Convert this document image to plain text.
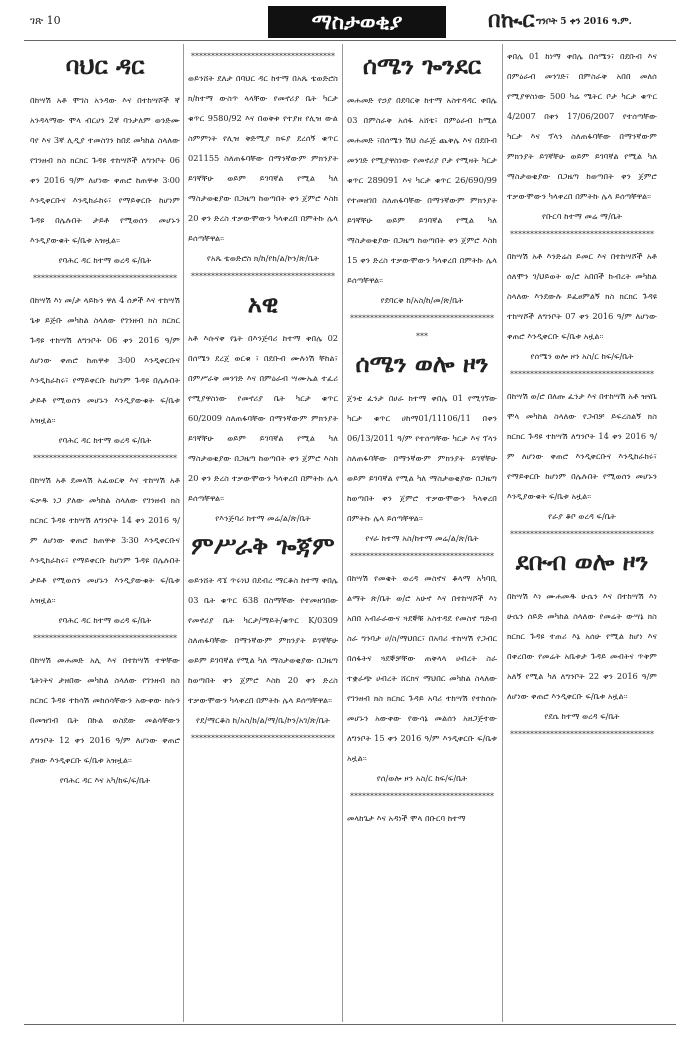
ገጽ 10	ማስታወቂያ	በኲር ግንቦት 5 ቀን 2016 ዓ.ም.
ባህር ዳር
በከሣሽ አቶ ሞገስ አንዳው እና በተከሣሾች ኛ አንዳላማው ሞላ ብርሀን 2ኛ ባንታለም ወንድሙ ባየ እና 3ኛ ሊዲያ ተመስገን ከበደ መካከል ስላለው የገንዘብ ክስ ክርክር ጉዳዩ ተከሣሾች ለግንቦት 06 ቀን 2016 ዓ/ም ለሆነው ቀጠሮ ከጠዋቱ 3፡00 እንዲቀርቡና እንዲከራከሩ፣ የማይቀርቡ ከሆነም ጉዳዩ በሌሉበት ታይቶ የሚወሰን መሆኑን እንዲያውቁት ፍ/ቤቱ አዝዟል፡፡
የባሕር ዳር ከተማ ወረዳ ፍ/ቤት
************************************
በከሣሽ እነ መ/ታ ላይኩን ዋለ 4 ሰዎች እና ተከሣሽ ጌቱ ይጅቡ መካከል ስላለው የገንዘብ ክስ ክርክር ጉዳዩ ተከሣሽ ለግንቦት 06 ቀን 2016 ዓ/ም ለሆነው ቀጠሮ ከጠዋቱ 3፡00 እንዲቀርቡና እንዲከራከሩ፣ የማይቀርቡ ከሆነም ጉዳዩ በሌሉበት ታይቶ የሚወሰን መሆኑን እንዲያውቁት ፍ/ቤቱ አዝዟል፡፡
የባሕር ዳር ከተማ ወረዳ ፍ/ቤት
************************************
በከሣሽ አቶ ደመላሽ አፈወርቅ እና ተከሣሽ አቶ ፍቃዱ ነጋ ያለው መካከል ስላለው የገንዘብ ክስ ክርክር ጉዳዩ ተከሣሽ ለግንቦት 14 ቀን 2016 ዓ/ም ለሆነው ቀጠሮ ከጠዋቱ 3፡30 እንዲቀርቡና እንዲከራከሩ፣ የማይቀርቡ ከሆነም ጉዳዩ በሌሉበት ታይቶ የሚወሰን መሆኑን እንዲያውቁት ፍ/ቤቱ አዝዟል፡፡
የባሕር ዳር ከተማ ወረዳ ፍ/ቤት
************************************
በከሣሽ መሐመድ አሊ እና በተከሣሽ ተዋቸው ጌትነትና ታዘበው መካከል ስላለው የገንዘብ ክስ ክርክር ጉዳዩ ተከሳሽ መከሰሳቸውን አውቀው ክሱን በመዝገብ ቤት በኩል ወስደው መልሳቸውን ለግንቦት 12 ቀን 2016 ዓ/ም ለሆነው ቀጠሮ ያዘው እንዲቀርቡ ፍ/ቤቱ አዝዟል፡፡
የባሕር ዳር እና አካ/ከፍ/ፍ/ቤት
************************************
ወይንሸት ደለታ በባህር ዳር ከተማ በአጼ ቴወድሮስ ክ/ከተማ ውስጥ ላላቸው የመኖሪያ ቤት ካርታ ቁጥር 9580/92 እና በወቅቱ የተያዘ የሊዝ ውል ስምምነት የሊዝ ቅድሚያ ክፍያ ደረሰኝ ቁጥር 021155 ስለጠፋባቸው በማንኛውም ምክንያት ይገኛቸሁ ወይም ይገባኛል የሚል ካለ ማስታወቂያው በጋዜጣ ከወጣበት ቀን ጀምሮ እስከ 20 ቀን ድረስ ተቃውሞውን ካላቀረበ በምትኩ ሌላ ይሰጣቸዋል፡፡
የአጼ ቴወድሮስ ክ/ከ/የከ/ል/ኮን/ጽ/ቤት
************************************
አዊ
አቶ እሱናቀ የኔት በእንጅባሪ ከተማ ቀበሌ 02 በሰሜን ደረጀ ወርቁ ፣ በደቡብ ሙሉነሽ ቸከል፣ በምሥራቅ መንገድ እና በምዕራብ ሣሙኤል ተፈሪ የሚያዋስነው የመኖሪያ ቤት ካርታ ቁጥር 60/2009 ስለጠፋባቸው በማንኛውም ምክንያት ይገኛቸሁ ወይም ይገባኛል የሚል ካለ ማስታወቂያው በጋዜጣ ከወጣበት ቀን ጀምሮ እስከ 20 ቀን ድረስ ተቃውሞውን ካላቀረበ በምትኩ ሌላ ይሰጣቸዋል፡፡
የእንጅባሪ ከተማ መሬ/ል/ጽ/ቤት
ምሥራቅ ጐጃም
ወይንሸት ዳኜ ጥሩነህ በደብረ ማርቆስ ከተማ ቀበሌ 03 ቤት ቁጥር 638 በስማቸው የተመዘገበው የመኖሪያ ቤት ካርታ/ማይት/ቁጥር K/0309 ስለጠፋባቸው በማንኛውም ምክንያት ይገኛቸሁ ወይም ይገባኛል የሚል ካለ ማስታወቂያው በጋዜጣ ከወጣበት ቀን ጀምሮ እስከ 20 ቀን ድረስ ተቃውሞውን ካላቀረበ በምትኩ ሌላ ይሰጣቸዋል፡፡
የደ/ማርቆስ ከ/አስ/ከ/ል/ማ/ቤ/ኮን/አገ/ጽ/ቤት
************************************
ሰሜን ጐንደር
መሐመድ የኃያ በደባርቅ ከተማ አስተዳዳር ቀበሌ 03 በምስራቅ አሰፋ አሸቴ፣ በምዕራብ ከሚል መሐመድ ፣በሰሜን ሽህ ሰራጅ ጨቅሌ እና በደቡብ መንገድ የሚያዋስነው የመኖሪያ ቦታ የሚዛት ካርታ ቁጥር 289091 እና ካርታ ቁጥር 26/690/99 የተመዘገበ ስለጠፋባቸው በማንኛውም ምክንያት ይገኛቸሁ ወይም ይገባኛል የሚል ካለ ማስታወቂያው በጋዜጣ ከወጣበት ቀን ጀምሮ እስከ 15 ቀን ድረስ ተቃውሞውን ካላቀረበ በምትኩ ሌላ ይሰጣቸዋል፡፡
የደባርቅ ከ/አስ/ከ/መ/ጽ/ቤት
************************************
***
ሰሜን ወሎ ዞን
ጀንቲ ፈንታ በሀራ ከተማ ቀበሌ 01 የሚገኘው ካርታ ቁጥር ሀከማ01/11106/11 በቀን 06/13/2011 ዓ/ም የተሰጣቸው ካርታ እና ፕላን ስለጠፋባቸው በማንኛውም ምክንያት ይገኛቸሁ ወይም ይገባኛል የሚል ካለ ማስታወቂያው በጋዜጣ ከወጣበት ቀን ጀምሮ ተቃውሞውን ካላቀረበ በምትኩ ሌላ ይሰጣቸዋል፡፡
የሃራ ከተማ አስ/ከተማ መሬ/ል/ጽ/ቤት
************************************
በከሣሽ የመቄት ወረዳ መስኖና ቆላማ አካባቢ ልማት ጽ/ቤት ወ/ሮ አሁኖ እና በተከሣሾች እነ አበበ አብራራውና ጓደኞቹ አስተዳደ የመስኖ ግድብ ስራ ግንባታ ሀ/ስ/ማህበር፣ በአባሪ ተከሣሽ የጋብር በሰፋትና ጓደኞቻቸው ጠቅላላ ሀብረት ስራ ተቋራጭ ሀብረት ሸርክና ማህበር መካከል ስላለው የገንዘብ ክስ ክርክር ጉዳይ አባሪ ተከሣሽ የተከሰሱ መሆኑን አውቀው የውሳኔ መልሰን አዘጋጅተው ለግንቦት 15 ቀን 2016 ዓ/ም እንዲቀርቡ ፍ/ቤቱ አዟል፡፡
የሰ/ወሎ ዞን አስ/ር ከፍ/ፍ/ቤት
************************************
መላከጌታ እና አዳነች ሞላ በቡርባ ከተማ
ቀበሌ 01 ከነማ ቀበሌ በሰሜን፣ በደቡብ እና በምዕራብ መንገድ፣ በምስራቅ አበበ መለሰ የሚያዋስነው 500 ካሬ ሜትር ቦታ ካርታ ቁጥር 4/2007 በቀን 17/06/2007 የተሰጣቸው ካርታ እና ፕላን ስለጠፋባቸው በማንኛውም ምክንያት ይገኛቸሁ ወይም ይገባኛል የሚል ካለ ማስታወቂያው በጋዜጣ ከወጣበት ቀን ጀምሮ ተቃውሞውን ካላቀረበ በምትኩ ሌላ ይሰጣቸዋል፡፡
የቡርባ ከተማ መሬ ማ/ቤት
************************************
በከሣሽ አቶ እንድሬስ ይመር እና በተከሣሾች አቶ ሰለሞን ገ/ህይወት ወ/ሮ አበበች ኩብረት መካከል ስላለው እንደውሉ ይፈፀምልኝ ክስ ክርክር ጉዳዩ ተከሣሾች ለግንቦት 07 ቀን 2016 ዓ/ም ለሆነው ቀጠሮ እንዲቀርቡ ፍ/ቤቱ አዟል፡፡
የሰሜን ወሎ ዞን አስ/ር ከፍ/ፍ/ቤት
************************************
በከሣሽ ወ/ሮ በለጡ ፈንታ እና በተከሣሽ አቶ ዝናቤ ሞላ መካከል ስላለው የጋብቻ ይፍረስልኝ ክስ ክርክር ጉዳዩ ተከሣሽ ለግንቦት 14 ቀን 2016 ዓ/ም ለሆነው ቀጠሮ እንዲቀርቡና እንዲከራከሩ፣ የማይቀርቡ ከሆነም በሌሉበት የሚወሰን መሆኑን እንዲያውቁት ፍ/ቤቱ አዟል፡፡
የራያ ቆቦ ወረዳ ፍ/ቤት
************************************
ደቡብ ወሎ ዞን
በከሣሽ እነ ሙሐመዱ ሁሴን እና በተከሣሽ እነ ሁሴን ሰይድ መካከል ስላለው የመሬት ውሣኔ ክስ ክርክር ጉዳዩ ተጠሪ እኔ አሰሁ የሚል ከሆነ እና በቀረበው የመሬት አቤቱታ ጉዳይ መብትና ጥቅም አለኝ የሚል ካለ ለግንቦት 22 ቀን 2016 ዓ/ም ለሆነው ቀጠሮ እንዲቀርቡ ፍ/ቤቱ አዟል፡፡
የደሴ ከተማ ወረዳ ፍ/ቤት
************************************
